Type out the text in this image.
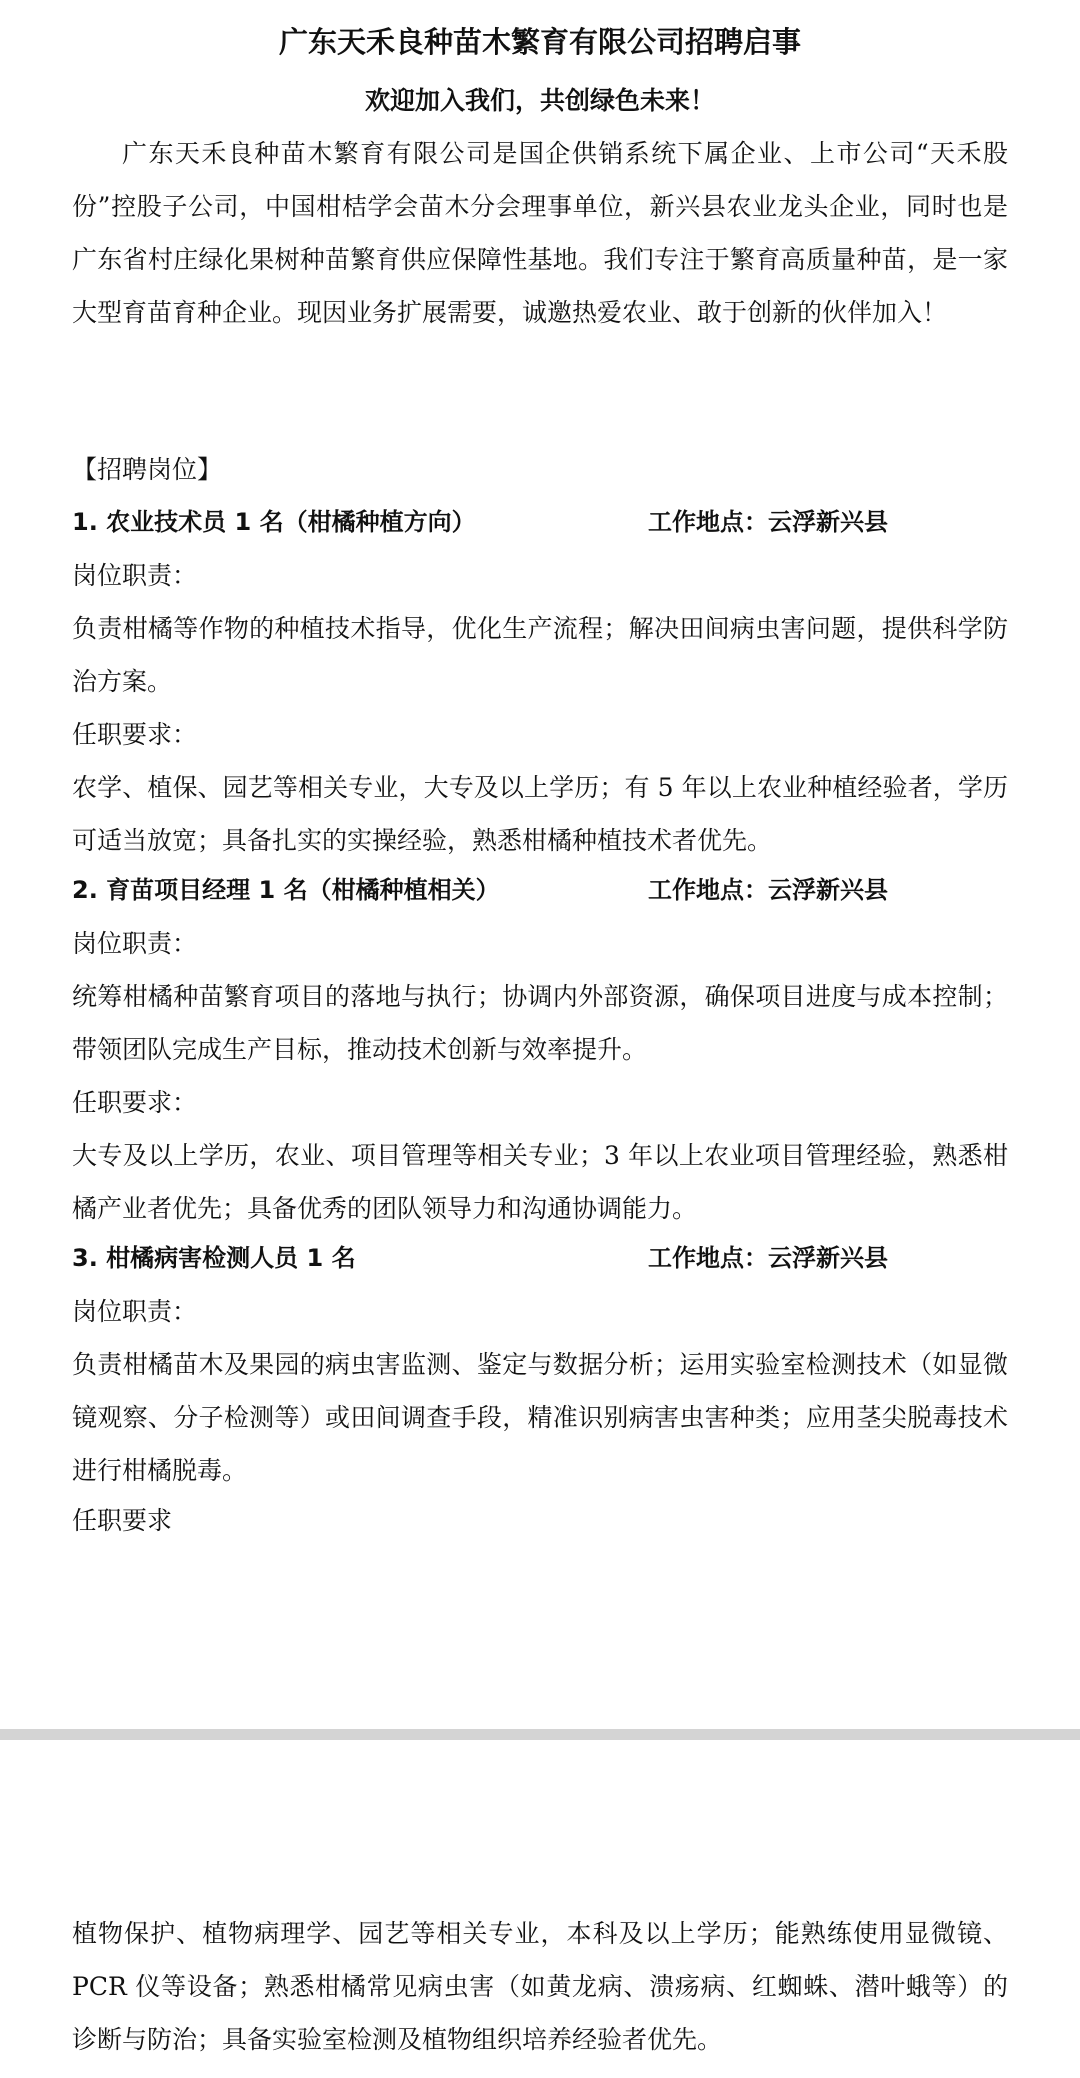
广东天禾良种苗木繁育有限公司招聘启事
欢迎加入我们，共创绿色未来！
广东天禾良种苗木繁育有限公司是国企供销系统下属企业、上市公司“天禾股份”控股子公司，中国柑桔学会苗木分会理事单位，新兴县农业龙头企业，同时也是广东省村庄绿化果树种苗繁育供应保障性基地。我们专注于繁育高质量种苗，是一家大型育苗育种企业。现因业务扩展需要，诚邀热爱农业、敢于创新的伙伴加入！
【招聘岗位】
1. 农业技术员 1 名（柑橘种植方向）	工作地点：云浮新兴县
岗位职责：
负责柑橘等作物的种植技术指导，优化生产流程；解决田间病虫害问题，提供科学防治方案。
任职要求：
农学、植保、园艺等相关专业，大专及以上学历；有 5 年以上农业种植经验者，学历可适当放宽；具备扎实的实操经验，熟悉柑橘种植技术者优先。
2. 育苗项目经理 1 名（柑橘种植相关）	工作地点：云浮新兴县
岗位职责：
统筹柑橘种苗繁育项目的落地与执行；协调内外部资源，确保项目进度与成本控制；带领团队完成生产目标，推动技术创新与效率提升。
任职要求：
大专及以上学历，农业、项目管理等相关专业；3 年以上农业项目管理经验，熟悉柑橘产业者优先；具备优秀的团队领导力和沟通协调能力。
3. 柑橘病害检测人员 1 名	工作地点：云浮新兴县
岗位职责：
负责柑橘苗木及果园的病虫害监测、鉴定与数据分析；运用实验室检测技术（如显微镜观察、分子检测等）或田间调查手段，精准识别病害虫害种类；应用茎尖脱毒技术进行柑橘脱毒。
任职要求
植物保护、植物病理学、园艺等相关专业，本科及以上学历；能熟练使用显微镜、PCR 仪等设备；熟悉柑橘常见病虫害（如黄龙病、溃疡病、红蜘蛛、潜叶蛾等）的诊断与防治；具备实验室检测及植物组织培养经验者优先。
